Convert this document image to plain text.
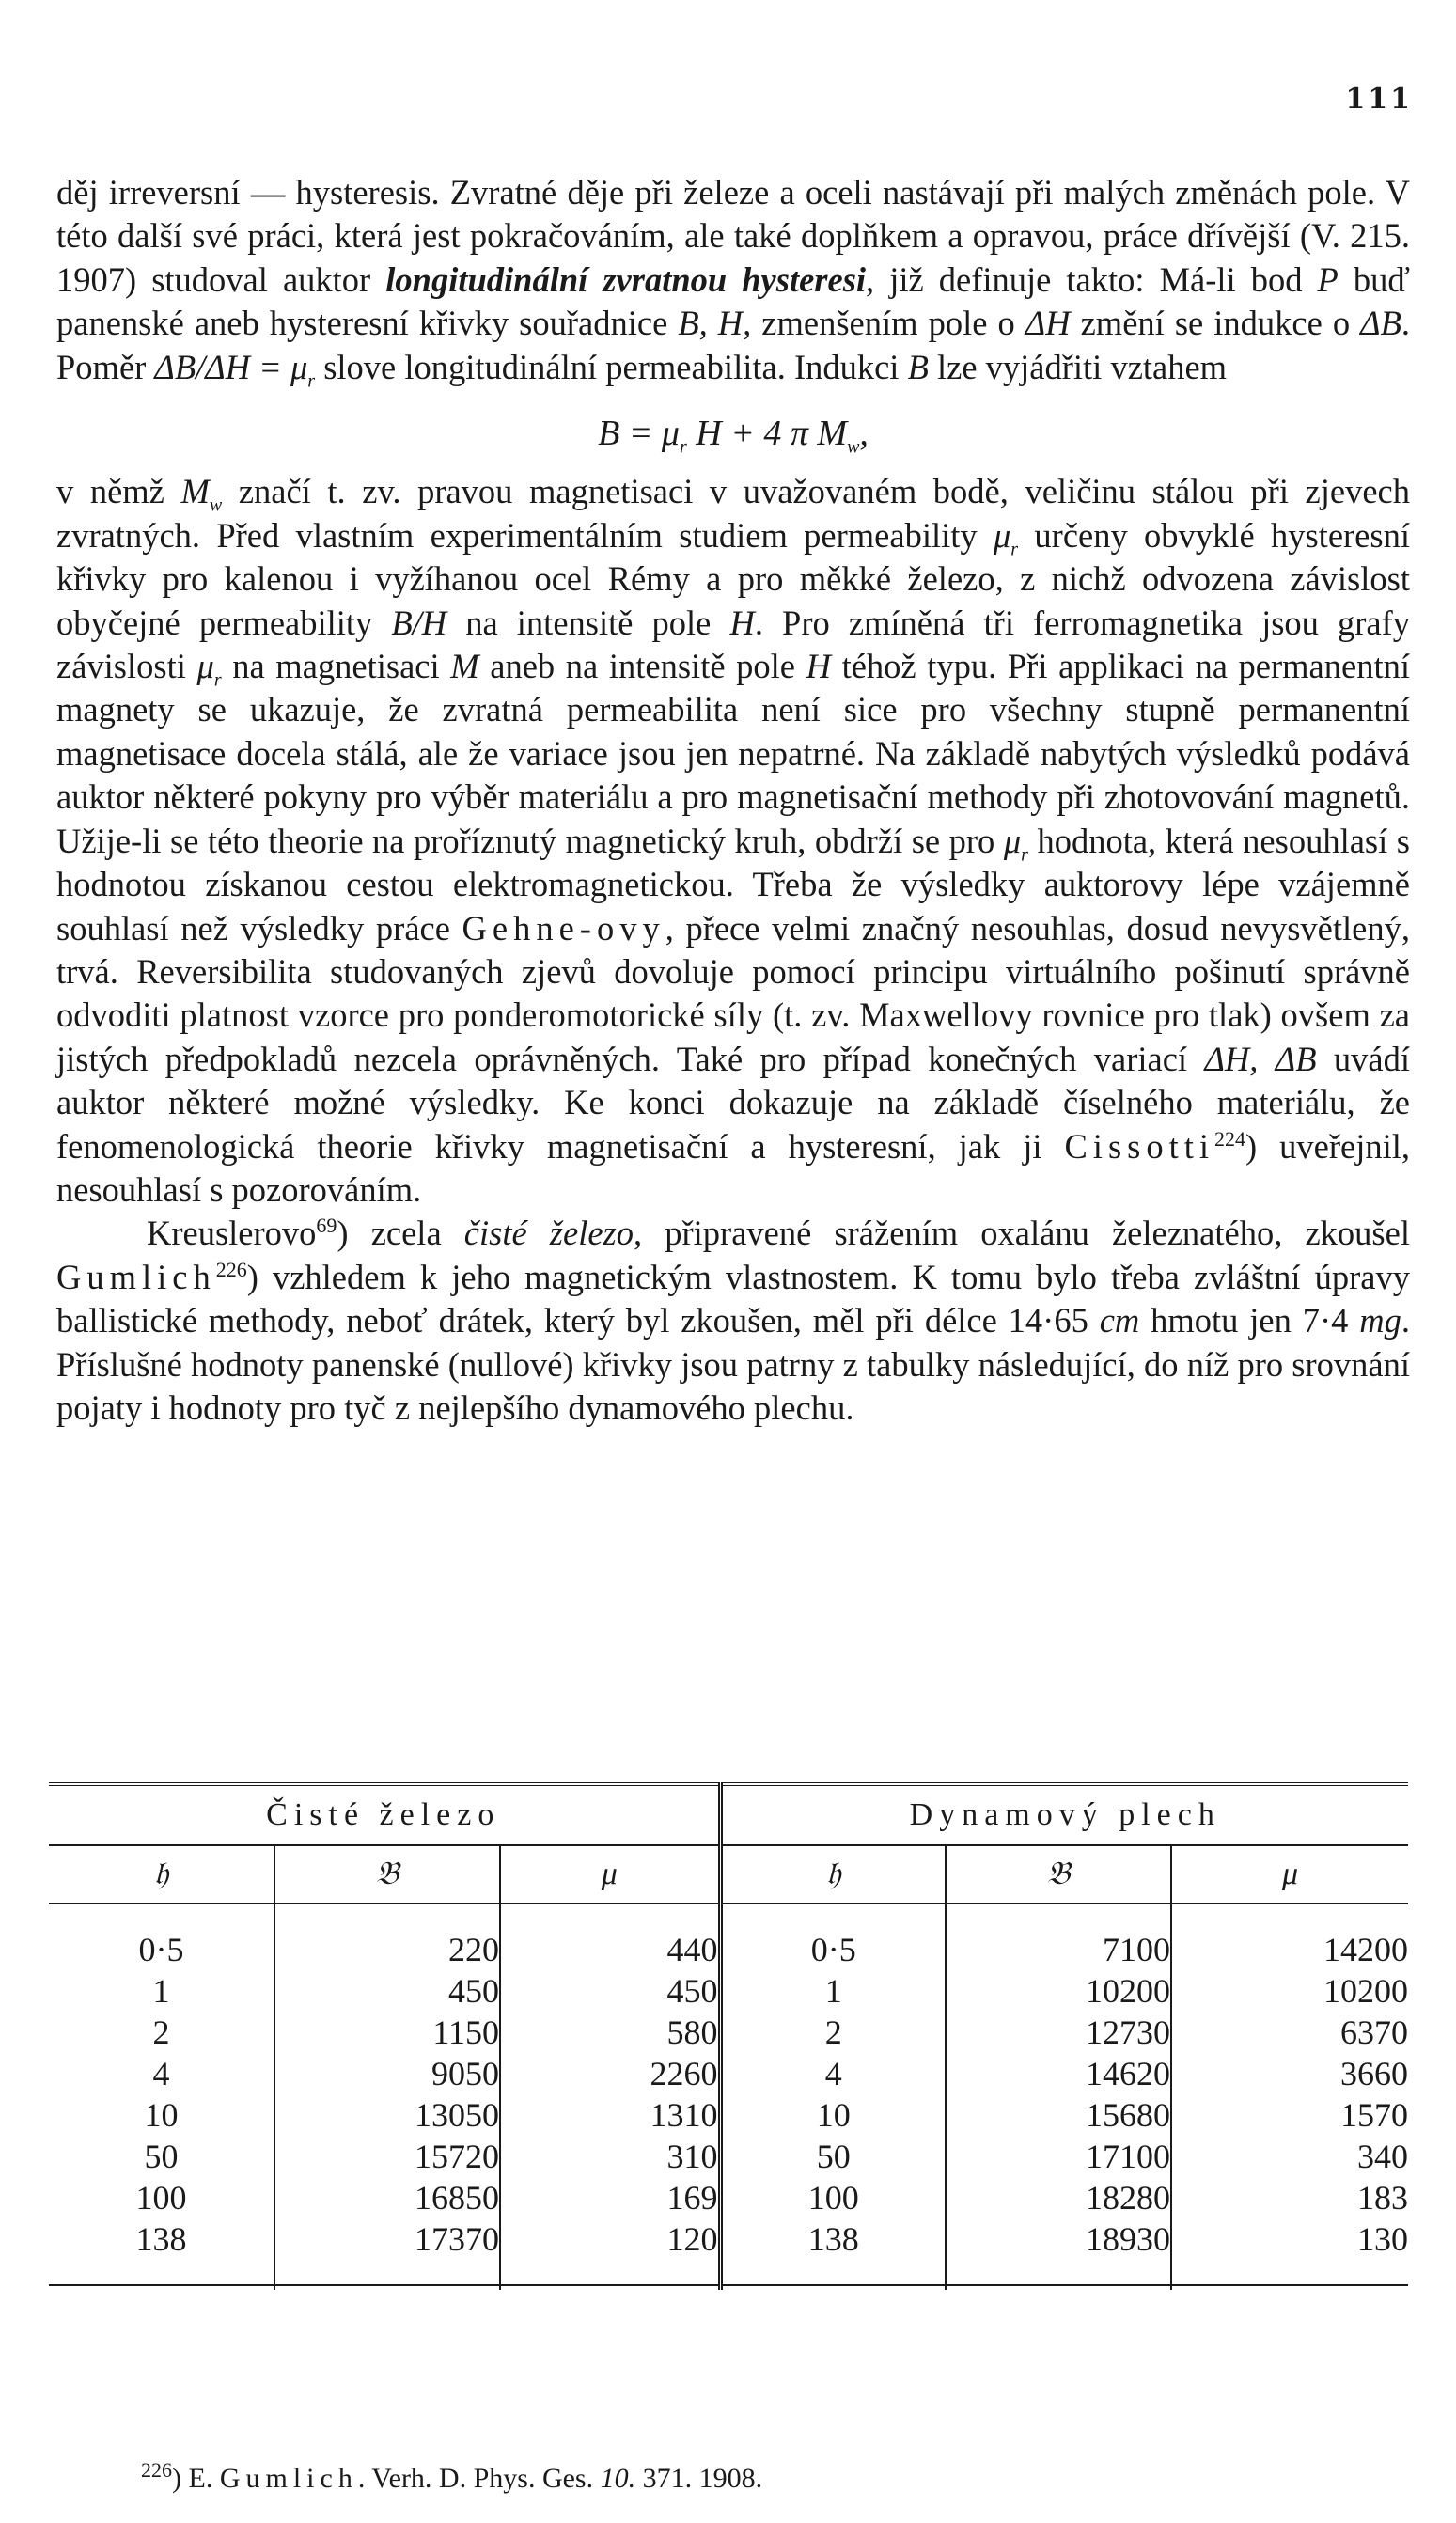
111

děj irreversní — hysteresis. Zvratné děje při železe a oceli nastávají při malých změnách pole. V této další své práci, která jest pokračováním, ale také doplňkem a opravou, práce dřívější (V. 215. 1907) studoval auktor longitudinální zvratnou hysteresi, již definuje takto: Má-li bod P buď panenské aneb hysteresní křivky souřadnice B, H, zmenšením pole o ΔH změní se indukce o ΔB. Poměr $\Delta B/\Delta H = \mu_r$ slove longitudinální permeabilita. Indukci B lze vyjádřiti vztahem

$B = \mu_r$ H + 4 π $M_w$,

v němž $M_w$ značí t. zv. pravou magnetisaci v uvažovaném bodě, veličinu stálou při zjevech zvratných. Před vlastním experimentálním studiem permeability $\mu_r$ určeny obvyklé hysteresní křivky pro kalenou i vyžíhanou ocel Rémy a pro měkké železo, z nichž odvozena závislost obyčejné permeability B/H na intensitě pole H. Pro zmíněná tři ferromagnetika jsou grafy závislosti $\mu_r$ na magnetisaci M aneb na intensitě pole H téhož typu. Při applikaci na permanentní magnety se ukazuje, že zvratná permeabilita není sice pro všechny stupně permanentní magnetisace docela stálá, ale že variace jsou jen nepatrné. Na základě nabytých výsledků podává auktor některé pokyny pro výběr materiálu a pro magnetisační methody při zhotovování magnetů. Užije-li se této theorie na proříznutý magnetický kruh, obdrží se pro $\mu_r$ hodnota, která nesouhlasí s hodnotou získanou cestou elektromagnetickou. Třeba že výsledky auktorovy lépe vzájemně souhlasí než výsledky práce Gehne-ovy, přece velmi značný nesouhlas, dosud nevysvětlený, trvá. Reversibilita studovaných zjevů dovoluje pomocí principu virtuálního pošinutí správně odvoditi platnost vzorce pro ponderomotorické síly (t. zv. Maxwellovy rovnice pro tlak) ovšem za jistých předpokladů nezcela oprávněných. Také pro případ konečných variací ΔH, ΔB uvádí auktor některé možné výsledky. Ke konci dokazuje na základě číselného materiálu, že fenomenologická theorie křivky magnetisační a hysteresní, jak ji Cissotti$^{224}$) uveřejnil, nesouhlasí s pozorováním.

Kreuslerovo$^{69}$) zcela čisté železo, připravené srážením oxalánu železnatého, zkoušel Gumlich$^{226}$) vzhledem k jeho magnetickým vlastnostem. K tomu bylo třeba zvláštní úpravy ballistické methody, neboť drátek, který byl zkoušen, měl při délce 14·65 cm hmotu jen 7·4 mg. Příslušné hodnoty panenské (nullové) křivky jsou patrny z tabulky následující, do níž pro srovnání pojaty i hodnoty pro tyč z nejlepšího dynamového plechu.

Čisté železo			Dynamový plech		
𝔥	𝔅	μ	𝔥	𝔅	μ
0·5	220	440	0·5	7100	14200
1	450	450	1	10200	10200
2	1150	580	2	12730	6370
4	9050	2260	4	14620	3660
10	13050	1310	10	15680	1570
50	15720	310	50	17100	340
100	16850	169	100	18280	183
138	17370	120	138	18930	130

$^{226}$) E. Gumlich. Verh. D. Phys. Ges. 10. 371. 1908.
